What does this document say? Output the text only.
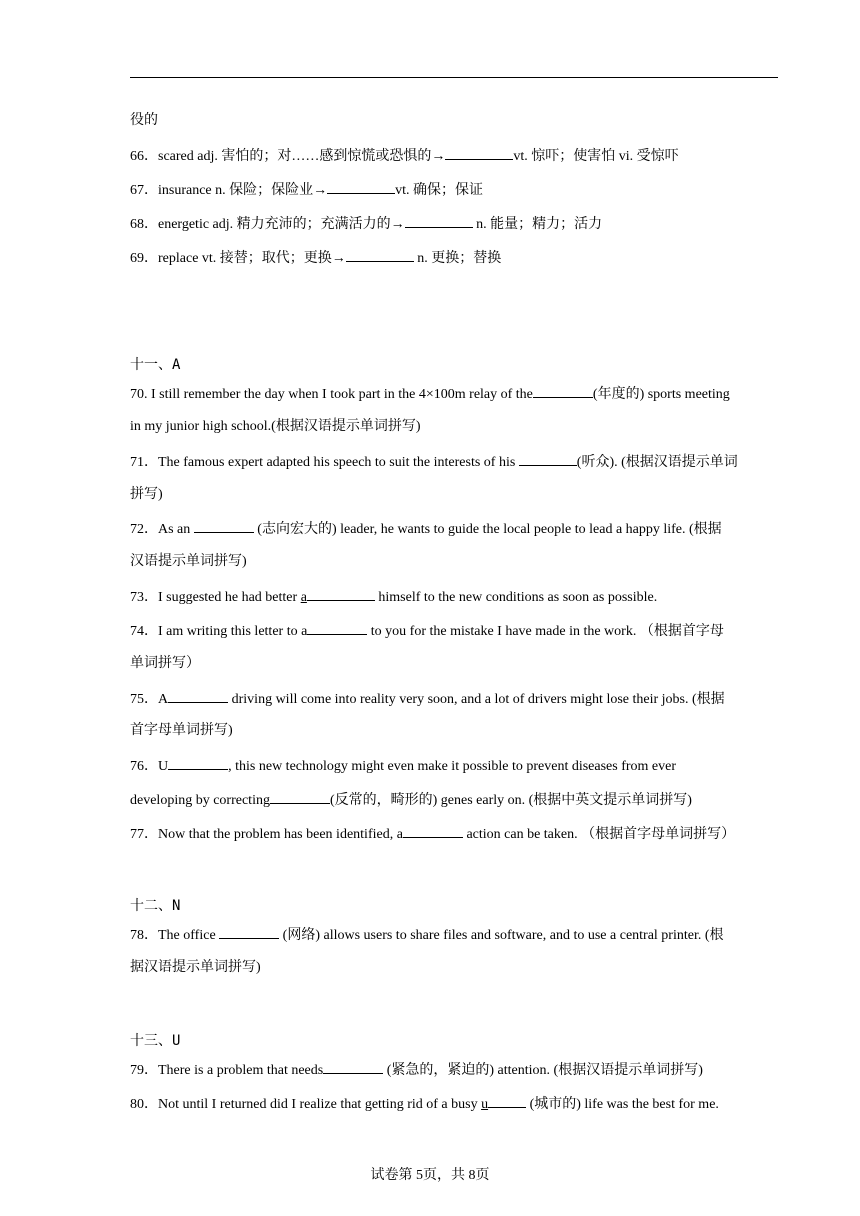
役的
66．scared adj. 害怕的；对……感到惊慌或恐惧的→	vt. 惊吓；使害怕 vi. 受惊吓
67．insurance n. 保险；保险业→	vt. 确保；保证
68．energetic adj. 精力充沛的；充满活力的→	n. 能量；精力；活力
69．replace vt. 接替；取代；更换→	n. 更换；替换
十一、A
70. I still remember the day when I took part in the 4×100m relay of the	(年度的) sports meeting
in my junior high school.(根据汉语提示单词拼写)
71．The famous expert adapted his speech to suit the interests of his	(听众). (根据汉语提示单词
拼写)
72．As an	(志向宏大的) leader, he wants to guide the local people to lead a happy life. (根据
汉语提示单词拼写)
73．I suggested he had better a	himself to the new conditions as soon as possible.
74．I am writing this letter to a	to you for the mistake I have made in the work. （根据首字母
单词拼写）
75．A	driving will come into reality very soon, and a lot of drivers might lose their jobs. (根据
首字母单词拼写)
76．U	, this new technology might even make it possible to prevent diseases from ever
developing by correcting	(反常的，畸形的) genes early on. (根据中英文提示单词拼写)
77．Now that the problem has been identified, a	action can be taken. （根据首字母单词拼写）
十二、N
78．The office	(网络) allows users to share files and software, and to use a central printer. (根
据汉语提示单词拼写)
十三、U
79．There is a problem that needs	(紧急的，紧迫的) attention. (根据汉语提示单词拼写)
80．Not until I returned did I realize that getting rid of a busy u	(城市的) life was the best for me.
试卷第 5页，共 8页
